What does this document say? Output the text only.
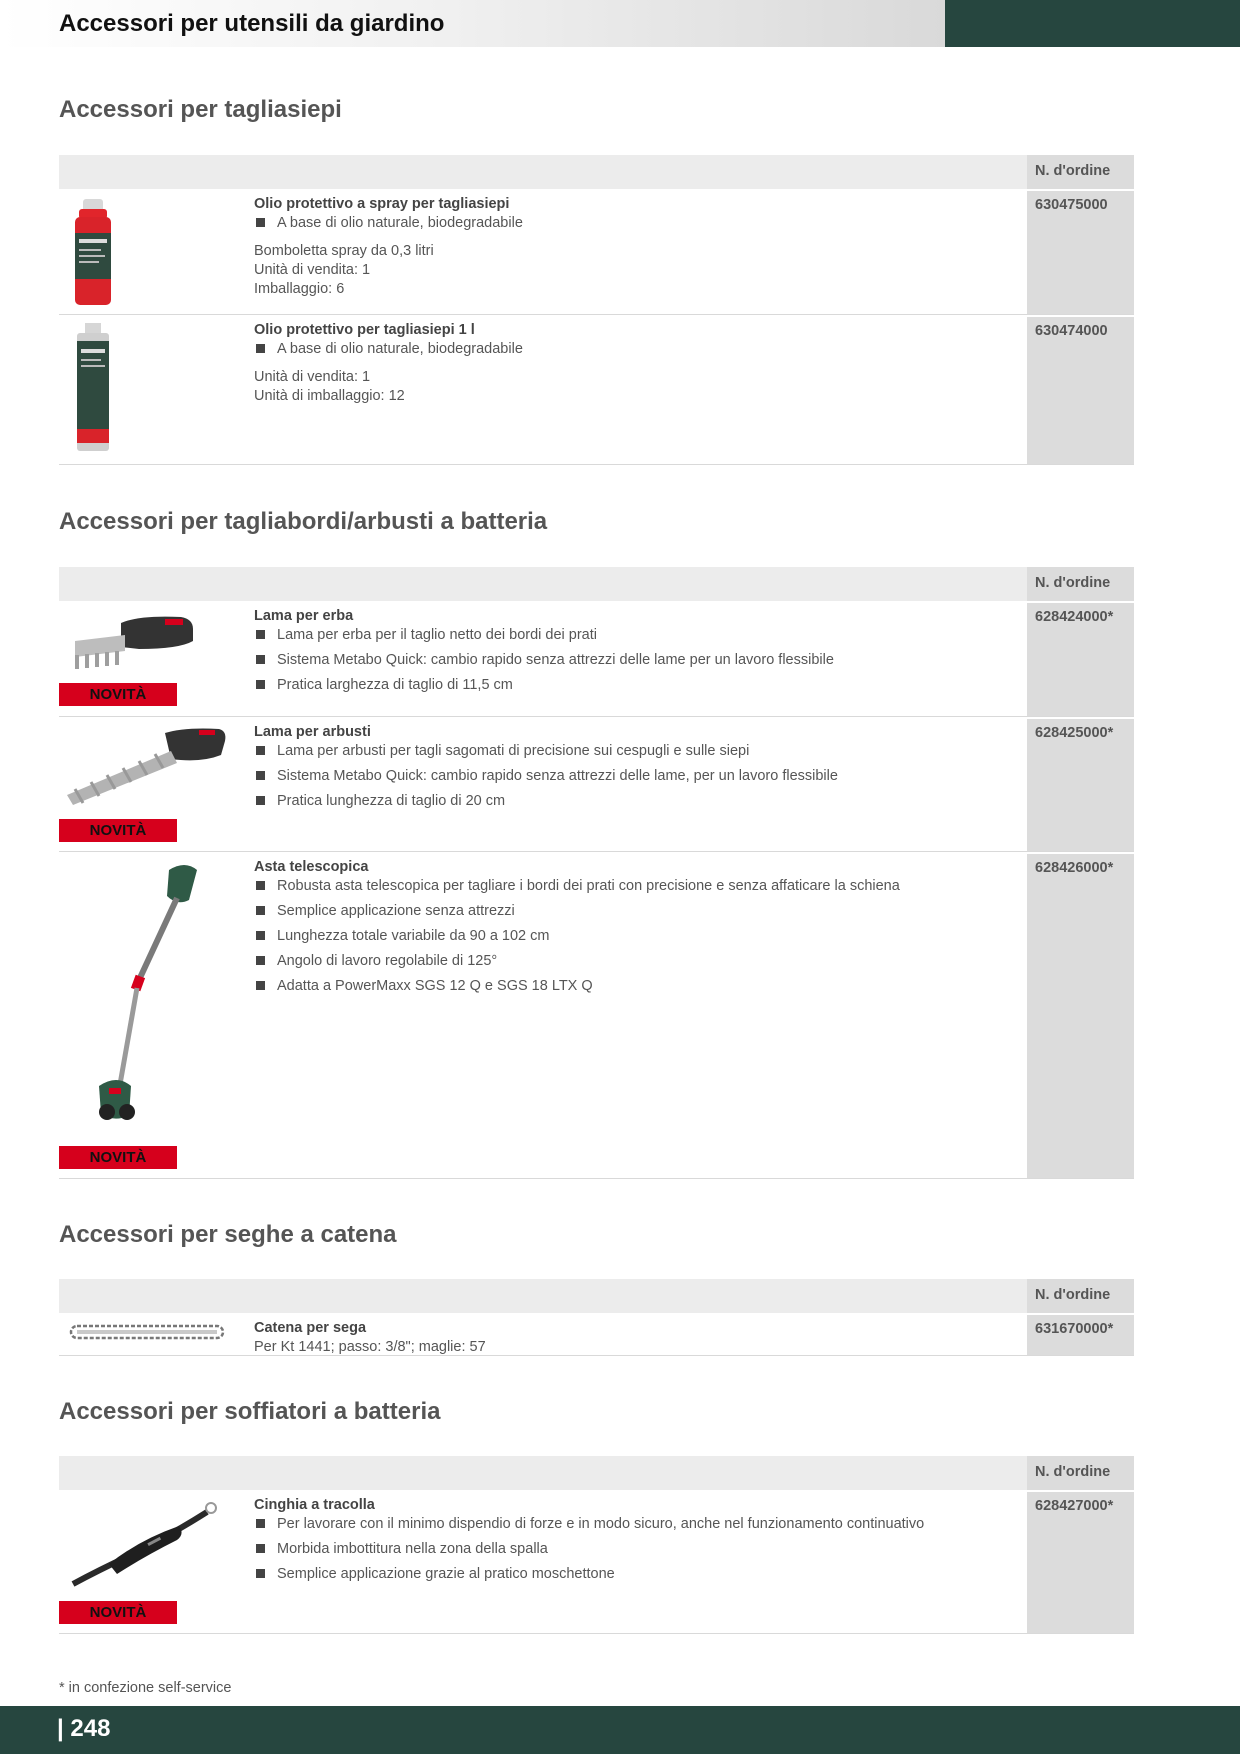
Accessori per utensili da giardino
Accessori per tagliasiepi
N. d'ordine
Olio protettivo a spray per tagliasiepi
A base di olio naturale, biodegradabile
Bomboletta spray da 0,3 litri
Unità di vendita: 1
Imballaggio: 6
630475000
Olio protettivo per tagliasiepi 1 l
A base di olio naturale, biodegradabile
Unità di vendita: 1
Unità di imballaggio: 12
630474000
Accessori per tagliabordi/arbusti a batteria
N. d'ordine
NOVITÀ
Lama per erba
Lama per erba per il taglio netto dei bordi dei prati
Sistema Metabo Quick: cambio rapido senza attrezzi delle lame per un lavoro flessibile
Pratica larghezza di taglio di 11,5 cm
628424000*
NOVITÀ
Lama per arbusti
Lama per arbusti per tagli sagomati di precisione sui cespugli e sulle siepi
Sistema Metabo Quick: cambio rapido senza attrezzi delle lame, per un lavoro flessibile
Pratica lunghezza di taglio di 20 cm
628425000*
NOVITÀ
Asta telescopica
Robusta asta telescopica per tagliare i bordi dei prati con precisione e senza affaticare la schiena
Semplice applicazione senza attrezzi
Lunghezza totale variabile da 90 a 102 cm
Angolo di lavoro regolabile di 125°
Adatta a PowerMaxx SGS 12 Q e SGS 18 LTX Q
628426000*
Accessori per seghe a catena
N. d'ordine
Catena per sega
Per Kt 1441; passo: 3/8"; maglie: 57
631670000*
Accessori per soffiatori a batteria
N. d'ordine
NOVITÀ
Cinghia a tracolla
Per lavorare con il minimo dispendio di forze e in modo sicuro, anche nel funzionamento continuativo
Morbida imbottitura nella zona della spalla
Semplice applicazione grazie al pratico moschettone
628427000*
* in confezione self-service
| 248
